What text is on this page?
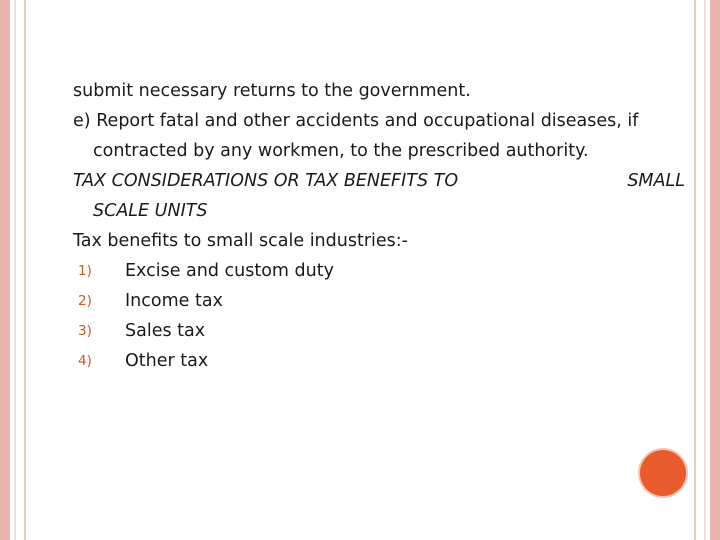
submit necessary returns to the government.
e) Report fatal and other accidents and occupational diseases, if
contracted by any workmen, to the prescribed authority.
TAX CONSIDERATIONS OR TAX BENEFITS TO	SMALL
SCALE UNITS
Tax benefits to small scale industries:-
1)	Excise and custom duty
2)	Income tax
3)	Sales tax
4)	Other tax
